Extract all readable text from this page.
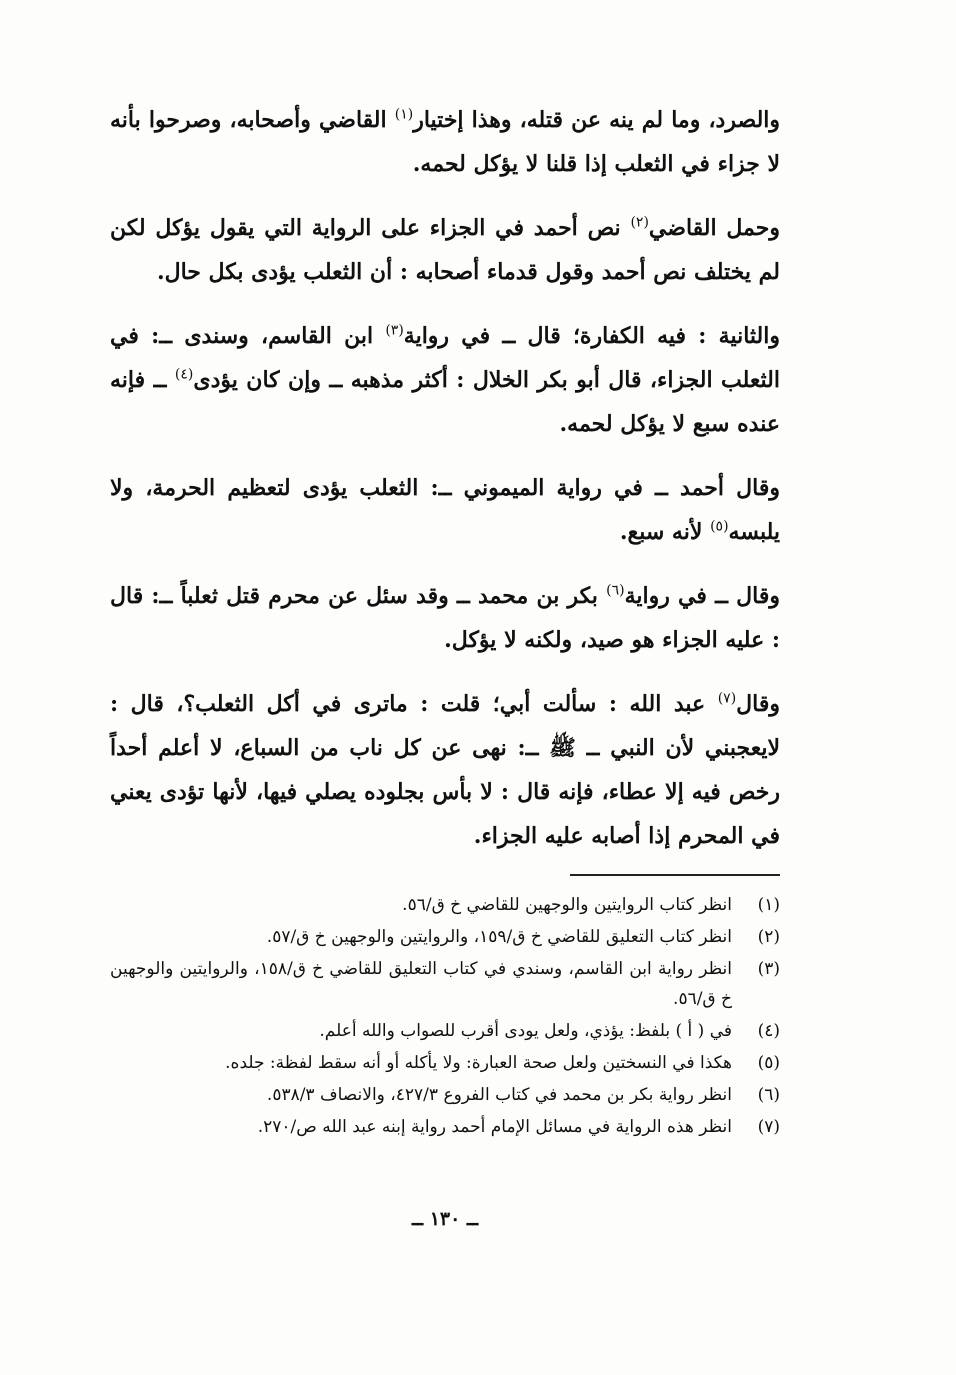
والصرد، وما لم ينه عن قتله، وهذا إختيار$^{(١)}$ القاضي وأصحابه، وصرحوا بأنه لا جزاء في الثعلب إذا قلنا لا يؤكل لحمه.

وحمل القاضي$^{(٢)}$ نص أحمد في الجزاء على الرواية التي يقول يؤكل لكن لم يختلف نص أحمد وقول قدماء أصحابه : أن الثعلب يؤدى بكل حال.

والثانية : فيه الكفارة؛ قال ــ في رواية$^{(٣)}$ ابن القاسم، وسندى ــ: في الثعلب الجزاء، قال أبو بكر الخلال : أكثر مذهبه ــ وإن كان يؤدى$^{(٤)}$ ــ فإنه عنده سبع لا يؤكل لحمه.

وقال أحمد ــ في رواية الميموني ــ: الثعلب يؤدى لتعظيم الحرمة، ولا يلبسه$^{(٥)}$ لأنه سبع.

وقال ــ في رواية$^{(٦)}$ بكر بن محمد ــ وقد سئل عن محرم قتل ثعلباً ــ: قال : عليه الجزاء هو صيد، ولكنه لا يؤكل.

وقال$^{(٧)}$ عبد الله : سألت أبي؛ قلت : ماترى في أكل الثعلب؟، قال : لايعجبني لأن النبي ــ ﷺ ــ: نهى عن كل ناب من السباع، لا أعلم أحداً رخص فيه إلا عطاء، فإنه قال : لا بأس بجلوده يصلي فيها، لأنها تؤدى يعني في المحرم إذا أصابه عليه الجزاء.

(١)
انظر كتاب الروايتين والوجهين للقاضي خ ق/٥٦.
(٢)
انظر كتاب التعليق للقاضي خ ق/١٥٩، والروايتين والوجهين خ ق/٥٧.
(٣)
انظر رواية ابن القاسم، وسندي في كتاب التعليق للقاضي خ ق/١٥٨، والروايتين والوجهين خ ق/٥٦.
(٤)
في ( أ ) بلفظ: يؤذي، ولعل يودى أقرب للصواب والله أعلم.
(٥)
هكذا في النسختين ولعل صحة العبارة: ولا يأكله أو أنه سقط لفظة: جلده.
(٦)
انظر رواية بكر بن محمد في كتاب الفروع ٤٢٧/٣، والانصاف ٥٣٨/٣.
(٧)
انظر هذه الرواية في مسائل الإمام أحمد رواية إبنه عبد الله ص/٢٧٠.
ــ ١٣٠ ــ
